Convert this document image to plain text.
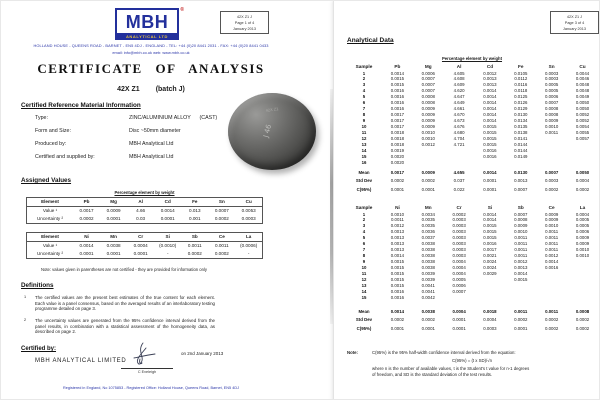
MBH
®
ANALYTICAL LTD
42X Z1 J
Page 1 of 4
January 2013
HOLLAND HOUSE - QUEENS ROAD - BARNET - EN5 4DJ - ENGLAND - TEL: +44 (0)20 8441 2031 - FAX: +44 (0)20 8441 0433
email: info@mbh.co.uk web: www.mbh.co.uk
CERTIFICATE OF ANALYSIS
42X Z1 (batch J)
Certified Reference Material Information
Type:	ZINC/ALUMINIUM ALLOY      (CAST)
Form and Size:	Disc ~50mm diameter
Produced by:	MBH Analytical Ltd
Certified and supplied by:	MBH Analytical Ltd
42X Z1
J 46
Assigned Values
Percentage element by weight
Element	Pb	Mg	Al	Cd	Fe	Sn	Cu
Value ¹	0.0017	0.0009	4.66	0.0014	0.013	0.0007	0.0053
Uncertainty ²	0.0002	0.0001	0.03	0.0001	0.001	0.0002	0.0003
Element	Ni	Mn	Cr	Si	Sb	Ce	La
Value ¹	0.0014	0.0038	0.0004	(0.0010)	0.0011	0.0011	(0.0006)
Uncertainty ²	0.0001	0.0001	0.0001	-	0.0002	0.0002	-
Note: values given in parentheses are not certified - they are provided for information only
Definitions
1	The certified values are the present best estimates of the true content for each element. Each value is a panel consensus, based on the averaged results of an interlaboratory testing programme detailed on page 3.
2	The uncertainty values are generated from the 95% confidence interval derived from the panel results, in combination with a statistical assessment of the homogeneity data, as described on page 2.
Certified by:
MBH ANALYTICAL LIMITED
C Eveleigh
on 2nd January 2013
Registered in England, No 1075853 - Registered Office: Holland House, Queens Road, Barnet, EN5 4DJ
42X Z1 J
Page 3 of 4
January 2013
Analytical Data
Percentage element by weight
Sample	Pb	Mg	Al	Cd	Fe	Sn	Cu
1	0.0014	0.0006	4.605	0.0012	0.0105	0.0003	0.0044
2	0.0015	0.0007	4.608	0.0013	0.0112	0.0003	0.0046
3	0.0015	0.0007	4.609	0.0013	0.0116	0.0005	0.0048
4	0.0016	0.0007	4.620	0.0014	0.0118	0.0005	0.0048
5	0.0016	0.0008	4.647	0.0014	0.0125	0.0006	0.0049
6	0.0016	0.0008	4.649	0.0014	0.0126	0.0007	0.0050
7	0.0016	0.0009	4.661	0.0014	0.0129	0.0008	0.0050
8	0.0017	0.0009	4.670	0.0014	0.0130	0.0008	0.0052
9	0.0017	0.0009	4.673	0.0014	0.0134	0.0009	0.0052
10	0.0017	0.0009	4.676	0.0015	0.0135	0.0010	0.0054
11	0.0018	0.0010	4.680	0.0015	0.0138	0.0011	0.0055
12	0.0018	0.0010	4.704	0.0015	0.0141		0.0057
13	0.0018	0.0012	4.721	0.0015	0.0144		
14	0.0019			0.0016	0.0144		
15	0.0020			0.0016	0.0149		
16	0.0020						
Mean	0.0017	0.0009	4.655	0.0014	0.0130	0.0007	0.0050
Std Dev	0.0002	0.0002	0.037	0.0001	0.0013	0.0003	0.0004
C(95%)	0.0001	0.0001	0.022	0.0001	0.0007	0.0002	0.0002
Sample	Ni	Mn	Cr	Si	Sb	Ce	La
1	0.0010	0.0034	0.0002	0.0014	0.0007	0.0009	0.0004
2	0.0011	0.0035	0.0003	0.0014	0.0008	0.0009	0.0005
3	0.0012	0.0035	0.0003	0.0015	0.0009	0.0010	0.0005
4	0.0013	0.0036	0.0003	0.0015	0.0010	0.0011	0.0006
5	0.0013	0.0037	0.0003	0.0015	0.0011	0.0011	0.0009
6	0.0013	0.0038	0.0003	0.0016	0.0011	0.0011	0.0009
7	0.0013	0.0038	0.0003	0.0017	0.0011	0.0011	0.0010
8	0.0014	0.0038	0.0003	0.0021	0.0011	0.0012	0.0010
9	0.0015	0.0038	0.0004	0.0024	0.0012	0.0014	
10	0.0015	0.0038	0.0004	0.0024	0.0013	0.0016	
11	0.0015	0.0039	0.0004	0.0029	0.0014		
12	0.0015	0.0039	0.0005		0.0015		
13	0.0015	0.0041	0.0006				
14	0.0016	0.0041	0.0007				
15	0.0016	0.0042					
Mean	0.0014	0.0038	0.0004	0.0018	0.0011	0.0011	0.0008
Std Dev	0.0002	0.0002	0.0001	0.0004	0.0002	0.0002	0.0002
C(95%)	0.0001	0.0001	0.0001	0.0003	0.0001	0.0002	0.0002
Note:	C(95%) is the 95% half-width confidence interval derived from the equation:
C(95%) = (t x SD)/√n
where n is the number of available values, t is the Student's t value for n-1 degrees
of freedom, and SD is the standard deviation of the test results.
